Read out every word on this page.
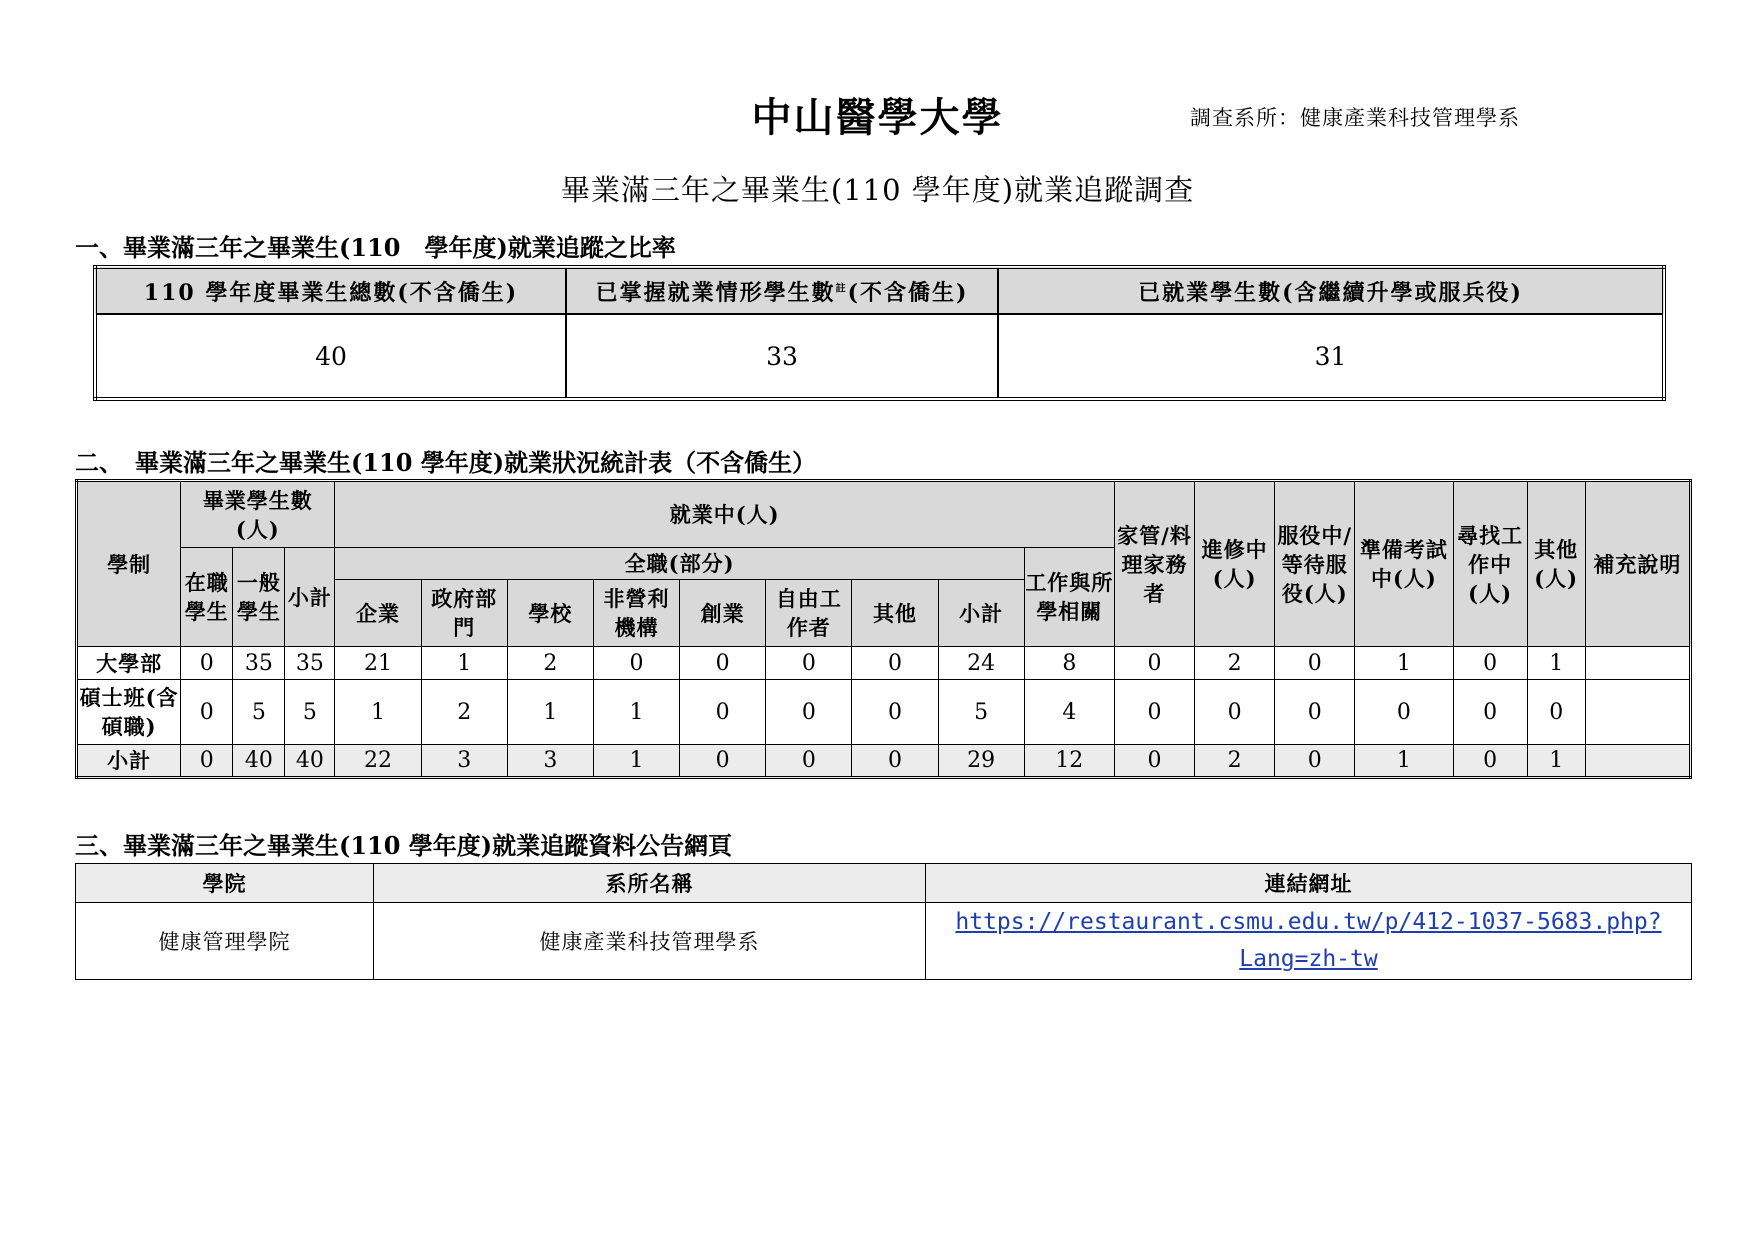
中山醫學大學	調查系所：健康產業科技管理學系
畢業滿三年之畢業生(110 學年度)就業追蹤調查
一、畢業滿三年之畢業生(110　學年度)就業追蹤之比率
110 學年度畢業生總數(不含僑生)	已掌握就業情形學生數$^註$(不含僑生)	已就業學生數(含繼續升學或服兵役)
40	33	31
二、　畢業滿三年之畢業生(110 學年度)就業狀況統計表（不含僑生）
學制	畢業學生數(人)			就業中(人)									家管/料理家務者	進修中(人)	服役中/等待服役(人)	準備考試中(人)	尋找工作中(人)	其他(人)	補充說明
	在職學生	一般學生	小計	全職(部分)								工作與所學相關							
				企業	政府部門	學校	非營利機構	創業	自由工作者	其他	小計								
大學部	0	35	35	21	1	2	0	0	0	0	24	8	0	2	0	1	0	1	
碩士班(含碩職)	0	5	5	1	2	1	1	0	0	0	5	4	0	0	0	0	0	0	
小計	0	40	40	22	3	3	1	0	0	0	29	12	0	2	0	1	0	1	
三、畢業滿三年之畢業生(110 學年度)就業追蹤資料公告網頁
學院	系所名稱	連結網址
健康管理學院	健康產業科技管理學系	https://restaurant.csmu.edu.tw/p/412-1037-5683.php?Lang=zh-tw
